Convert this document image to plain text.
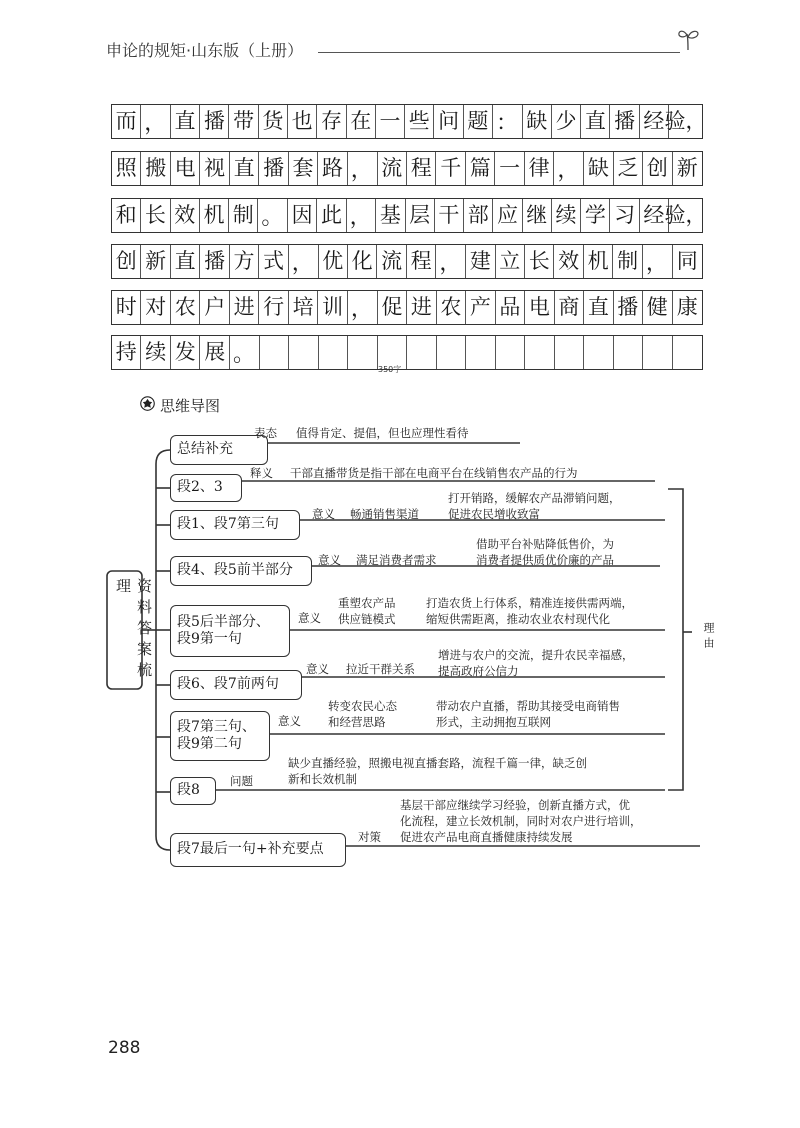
申论的规矩·山东版（上册）
而 ， 直 播 带 货 也 存 在 一 些 问 题 ： 缺 少 直 播 经 验，
照 搬 电 视 直 播 套 路 ， 流 程 千 篇 一 律 ， 缺 乏 创 新
和 长 效 机 制 。 因 此 ， 基 层 干 部 应 继 续 学 习 经 验，
创 新 直 播 方 式 ， 优 化 流 程 ， 建 立 长 效 机 制 ， 同
时 对 农 户 进 行 培 训 ， 促 进 农 产 品 电 商 直 播 健 康
持 续 发 展 。
350字
思维导图
资料答案梳理
理由
总结补充
表态 值得肯定、提倡，但也应理性看待
段2、3
释义 干部直播带货是指干部在电商平台在线销售农产品的行为
段1、段7第三句
意义 畅通销售渠道
打开销路，缓解农产品滞销问题，
促进农民增收致富
段4、段5前半部分
意义 满足消费者需求
借助平台补贴降低售价，为
消费者提供质优价廉的产品
段5后半部分、段9第一句
意义
重塑农产品
供应链模式
打造农货上行体系，精准连接供需两端，
缩短供需距离，推动农业农村现代化
段6、段7前两句
意义 拉近干群关系
增进与农户的交流，提升农民幸福感，
提高政府公信力
段7第三句、段9第二句
意义
转变农民心态
和经营思路
带动农户直播，帮助其接受电商销售
形式，主动拥抱互联网
段8
问题
缺少直播经验，照搬电视直播套路，流程千篇一律，缺乏创
新和长效机制
段7最后一句+补充要点
对策
基层干部应继续学习经验，创新直播方式，优
化流程，建立长效机制，同时对农户进行培训，
促进农产品电商直播健康持续发展
288
